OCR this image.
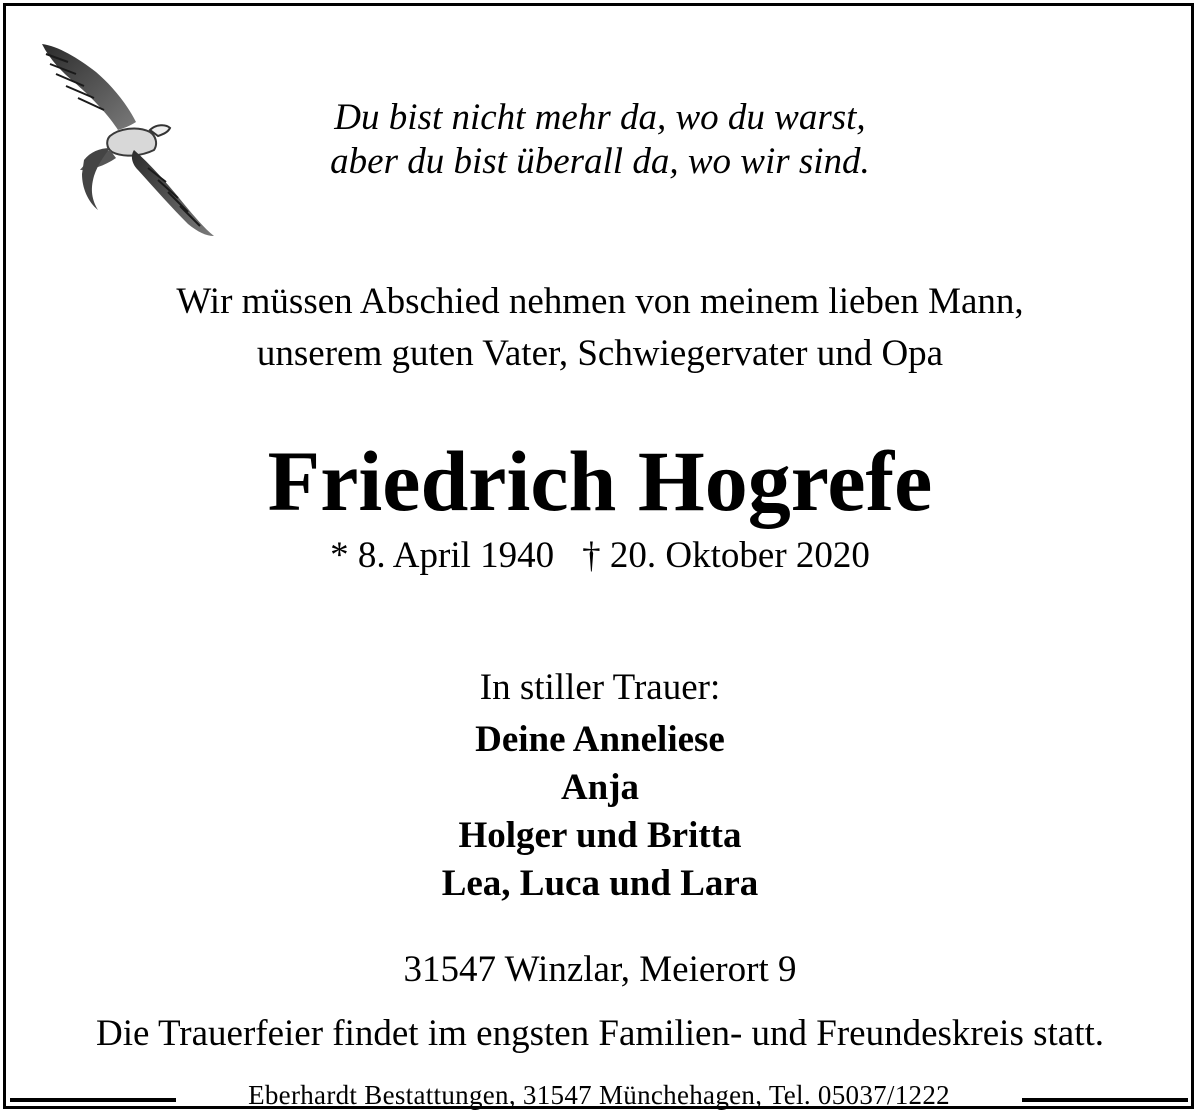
Du bist nicht mehr da, wo du warst,
aber du bist überall da, wo wir sind.
Wir müssen Abschied nehmen von meinem lieben Mann,
unserem guten Vater, Schwiegervater und Opa
Friedrich Hogrefe
* 8. April 1940 † 20. Oktober 2020
In stiller Trauer:
Deine Anneliese
Anja
Holger und Britta
Lea, Luca und Lara
31547 Winzlar, Meierort 9
Die Trauerfeier findet im engsten Familien- und Freundeskreis statt.
Eberhardt Bestattungen, 31547 Münchehagen, Tel. 05037/1222
